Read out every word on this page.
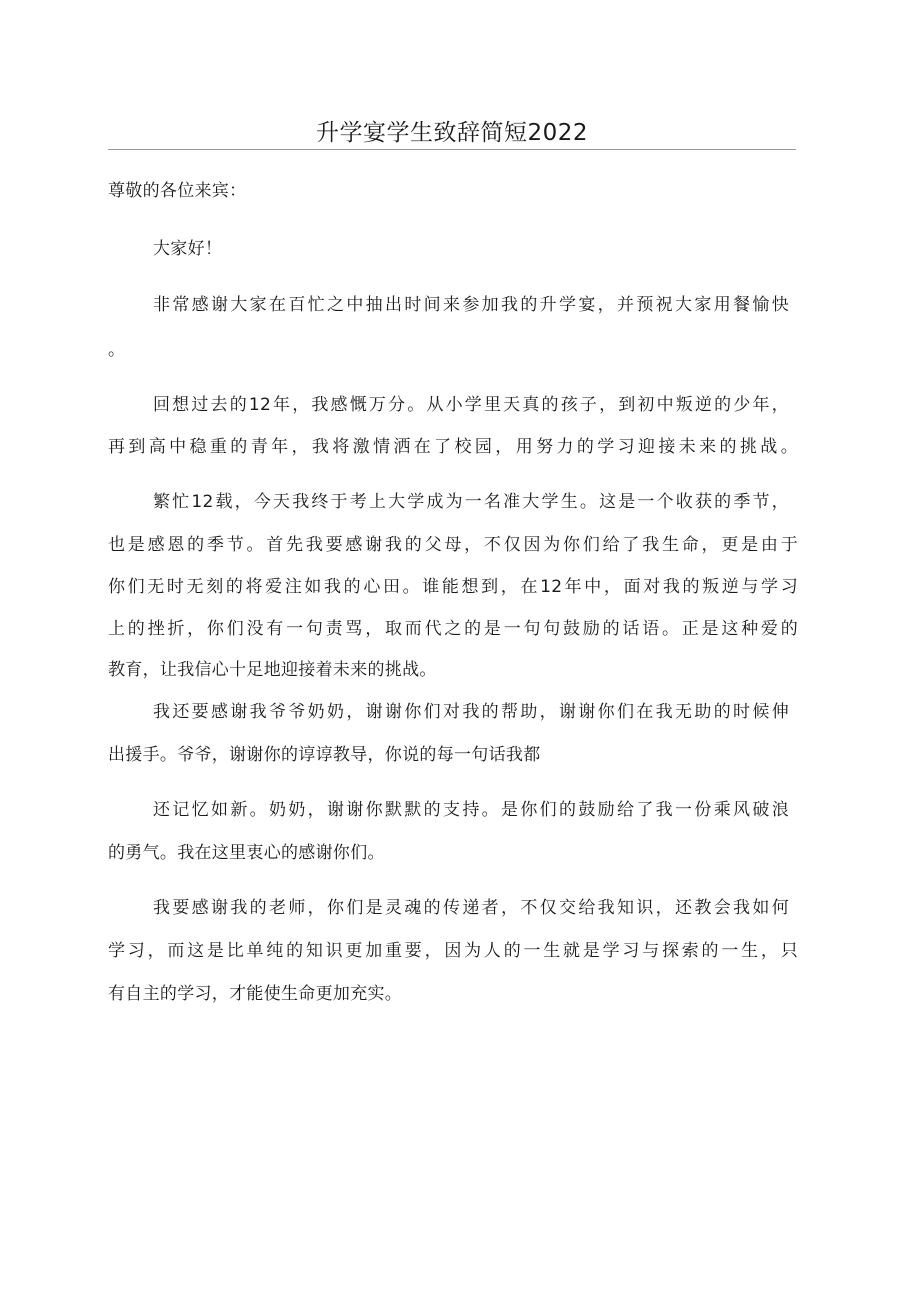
升学宴学生致辞简短2022
尊敬的各位来宾：
大家好！
非常感谢大家在百忙之中抽出时间来参加我的升学宴，并预祝大家用餐愉快
。
回想过去的12年，我感慨万分。从小学里天真的孩子，到初中叛逆的少年，
再到高中稳重的青年，我将激情洒在了校园，用努力的学习迎接未来的挑战。
繁忙12载，今天我终于考上大学成为一名准大学生。这是一个收获的季节，
也是感恩的季节。首先我要感谢我的父母，不仅因为你们给了我生命，更是由于
你们无时无刻的将爱注如我的心田。谁能想到，在12年中，面对我的叛逆与学习
上的挫折，你们没有一句责骂，取而代之的是一句句鼓励的话语。正是这种爱的
教育，让我信心十足地迎接着未来的挑战。
我还要感谢我爷爷奶奶，谢谢你们对我的帮助，谢谢你们在我无助的时候伸
出援手。爷爷，谢谢你的谆谆教导，你说的每一句话我都
还记忆如新。奶奶，谢谢你默默的支持。是你们的鼓励给了我一份乘风破浪
的勇气。我在这里衷心的感谢你们。
我要感谢我的老师，你们是灵魂的传递者，不仅交给我知识，还教会我如何
学习，而这是比单纯的知识更加重要，因为人的一生就是学习与探索的一生，只
有自主的学习，才能使生命更加充实。
